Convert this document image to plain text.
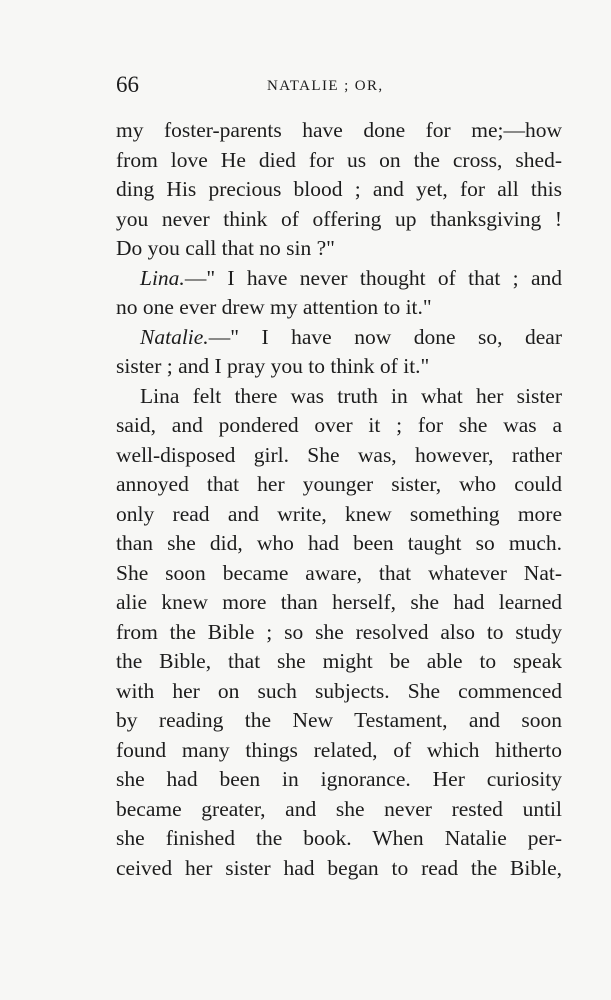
66	NATALIE ; OR,
my foster-parents have done for me;—how
from love He died for us on the cross, shed-
ding His precious blood ; and yet, for all this
you never think of offering up thanksgiving !
Do you call that no sin ?"
Lina.—" I have never thought of that ; and
no one ever drew my attention to it."
Natalie.—" I have now done so, dear
sister ; and I pray you to think of it."
Lina felt there was truth in what her sister
said, and pondered over it ; for she was a
well-disposed girl. She was, however, rather
annoyed that her younger sister, who could
only read and write, knew something more
than she did, who had been taught so much.
She soon became aware, that whatever Nat-
alie knew more than herself, she had learned
from the Bible ; so she resolved also to study
the Bible, that she might be able to speak
with her on such subjects. She commenced
by reading the New Testament, and soon
found many things related, of which hitherto
she had been in ignorance. Her curiosity
became greater, and she never rested until
she finished the book. When Natalie per-
ceived her sister had began to read the Bible,
